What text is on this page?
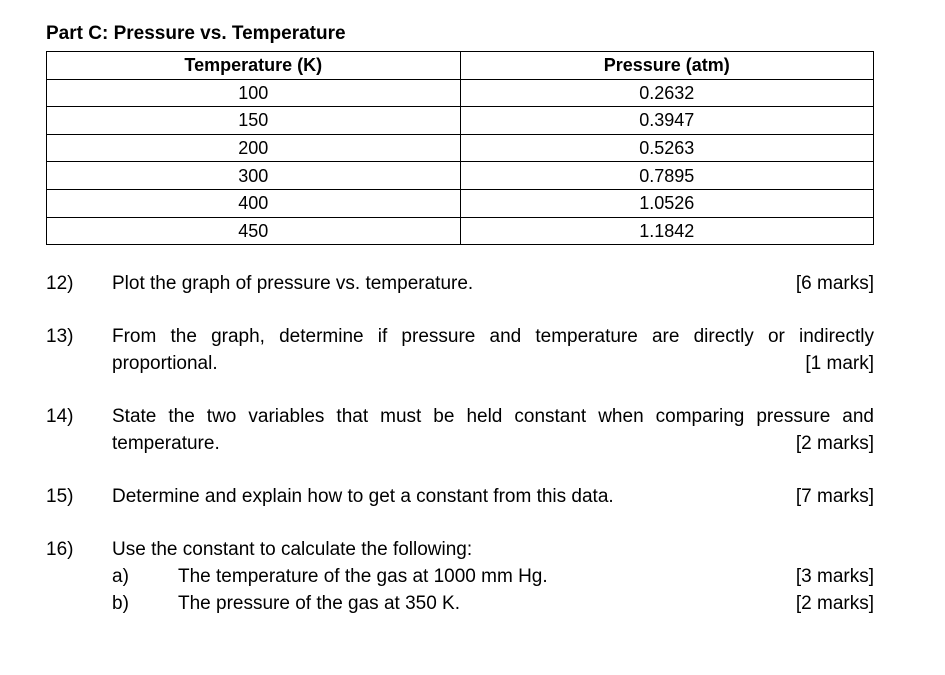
Part C: Pressure vs. Temperature
Temperature (K)	Pressure (atm)
100	0.2632
150	0.3947
200	0.5263
300	0.7895
400	1.0526
450	1.1842
12) Plot the graph of pressure vs. temperature.	[6 marks]
13) From the graph, determine if pressure and temperature are directly or indirectly proportional.	[1 mark]
14) State the two variables that must be held constant when comparing pressure and temperature.	[2 marks]
15) Determine and explain how to get a constant from this data.	[7 marks]
16) Use the constant to calculate the following:
a)	The temperature of the gas at 1000 mm Hg.	[3 marks]
b)	The pressure of the gas at 350 K.	[2 marks]
